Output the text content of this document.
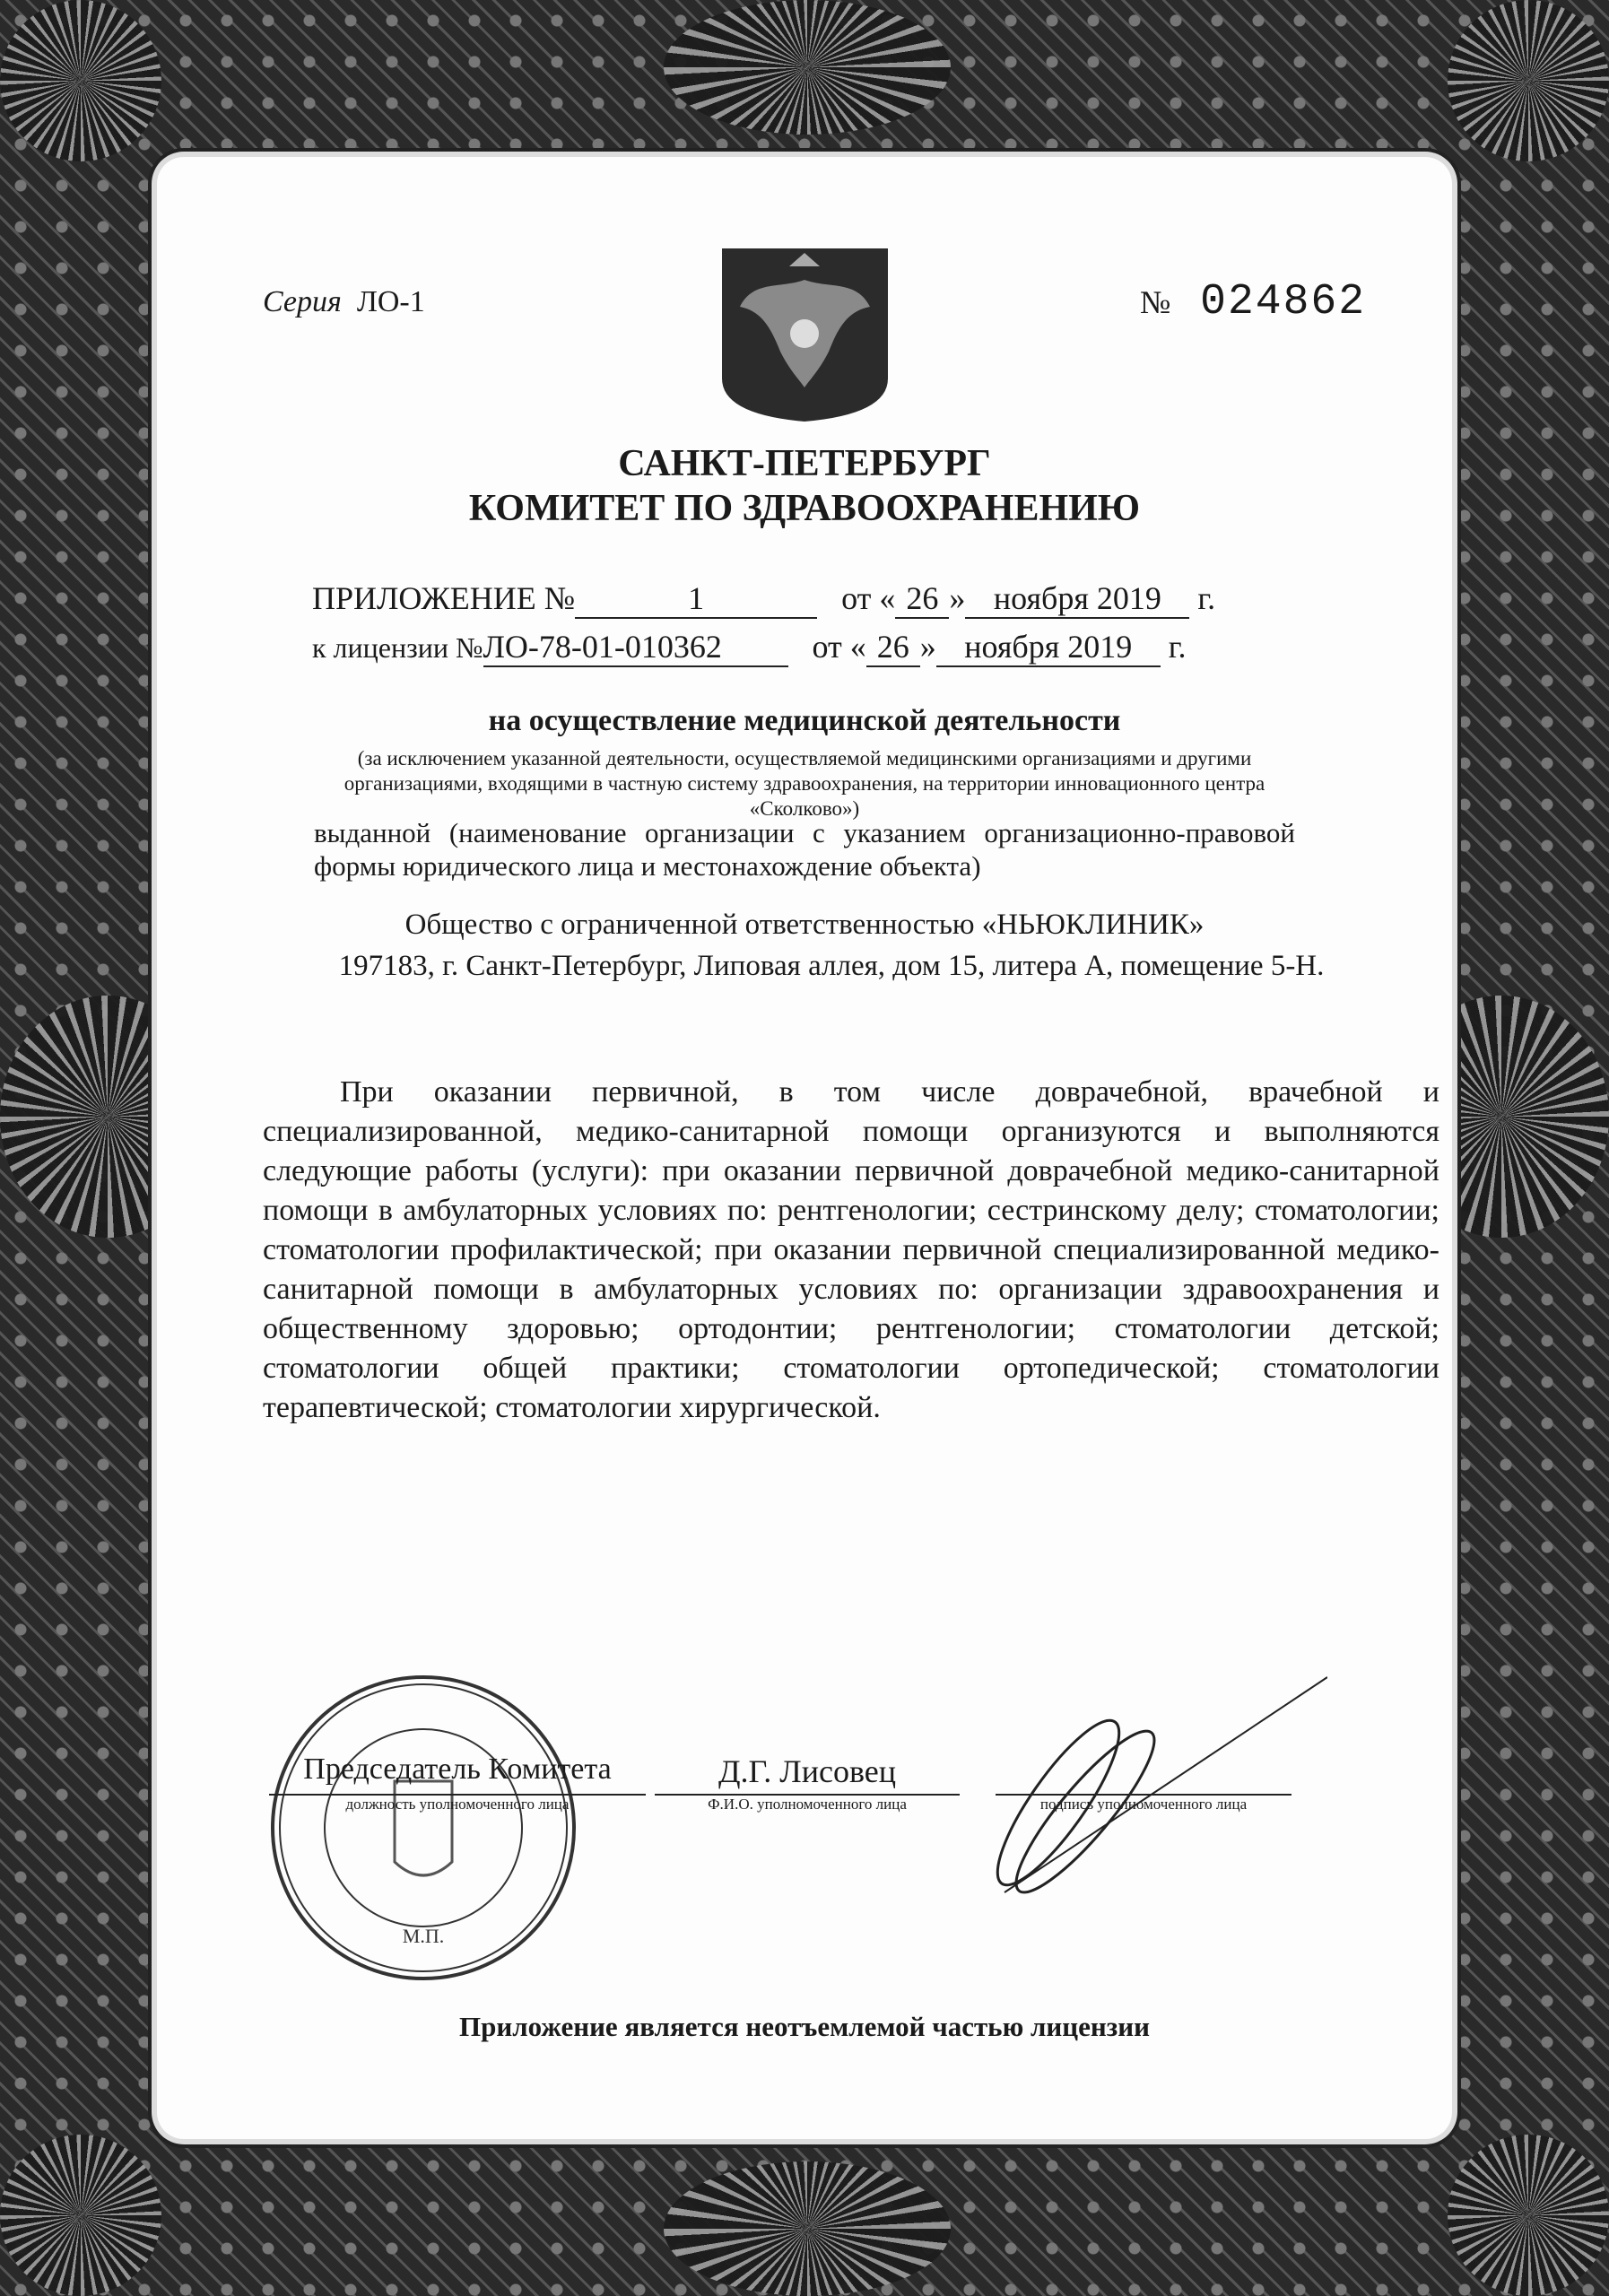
Серия ЛО-1	№ 024862
САНКТ-ПЕТЕРБУРГ
КОМИТЕТ ПО ЗДРАВООХРАНЕНИЮ
ПРИЛОЖЕНИЕ №	1	от « 26 » ноября 2019 г.
к лицензии №ЛО-78-01-010362	от « 26 » ноября 2019 г.
на осуществление медицинской деятельности
(за исключением указанной деятельности, осуществляемой медицинскими организациями и другими организациями, входящими в частную систему здравоохранения, на территории инновационного центра «Сколково»)
выданной (наименование организации с указанием организационно-правовой формы юридического лица и местонахождение объекта)
Общество с ограниченной ответственностью «НЬЮКЛИНИК»
197183, г. Санкт-Петербург, Липовая аллея, дом 15, литера А, помещение 5-Н.
При оказании первичной, в том числе доврачебной, врачебной и специализированной, медико-санитарной помощи организуются и выполняются следующие работы (услуги): при оказании первичной доврачебной медико-санитарной помощи в амбулаторных условиях по: рентгенологии; сестринскому делу; стоматологии; стоматологии профилактической; при оказании первичной специализированной медико-санитарной помощи в амбулаторных условиях по: организации здравоохранения и общественному здоровью; ортодонтии; рентгенологии; стоматологии детской; стоматологии общей практики; стоматологии ортопедической; стоматологии терапевтической; стоматологии хирургической.
М.П.
Председатель Комитета
должность уполномоченного лица
Д.Г. Лисовец
Ф.И.О. уполномоченного лица	подпись уполномоченного лица
Приложение является неотъемлемой частью лицензии
